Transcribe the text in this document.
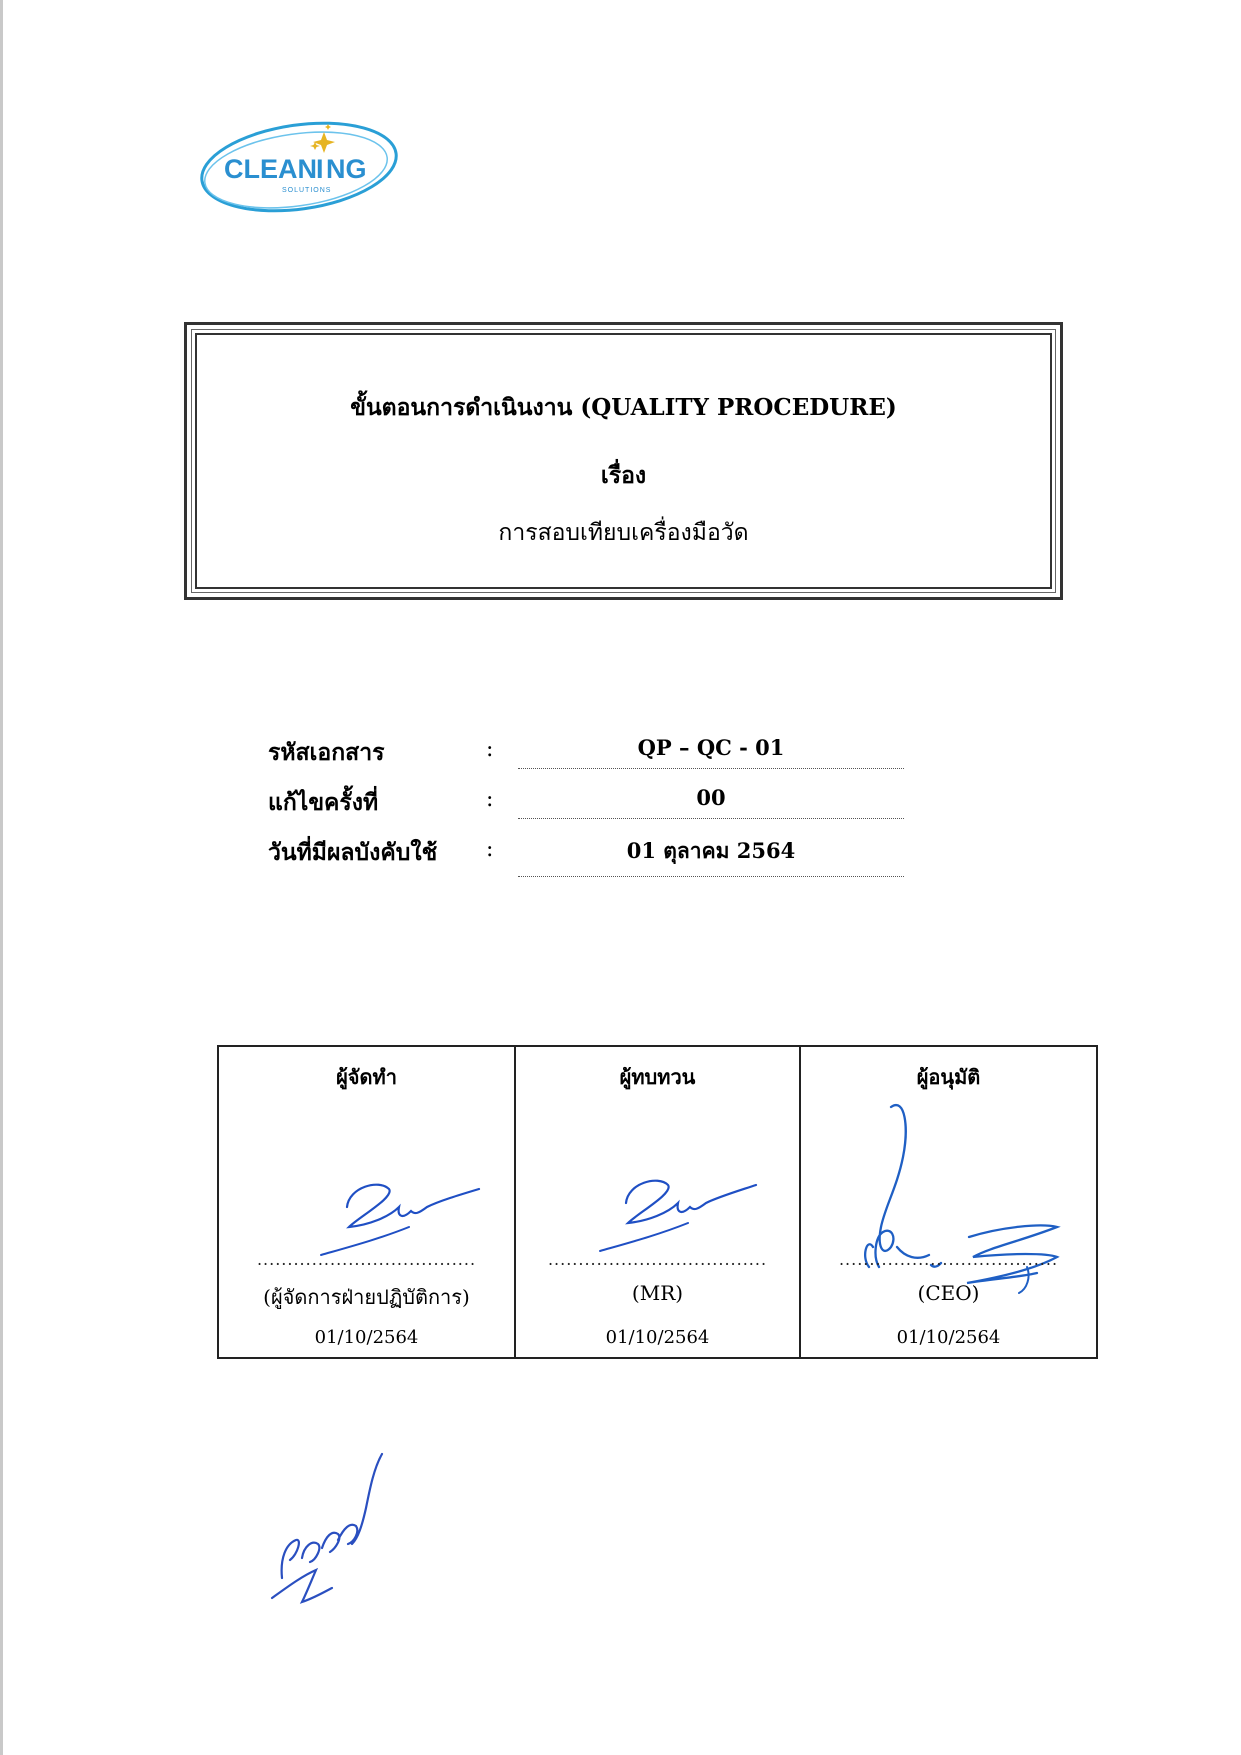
CLEAN I NG
SOLUTIONS
ขั้นตอนการดำเนินงาน (QUALITY PROCEDURE)
เรื่อง
การสอบเทียบเครื่องมือวัด
รหัสเอกสาร	:	QP – QC - 01
แก้ไขครั้งที่	:	00
วันที่มีผลบังคับใช้ :	01 ตุลาคม 2564
ผู้จัดทำ
....................................
(ผู้จัดการฝ่ายปฏิบัติการ)
01/10/2564
ผู้ทบทวน
....................................
(MR)
01/10/2564
ผู้อนุมัติ
....................................
(CEO)
01/10/2564
